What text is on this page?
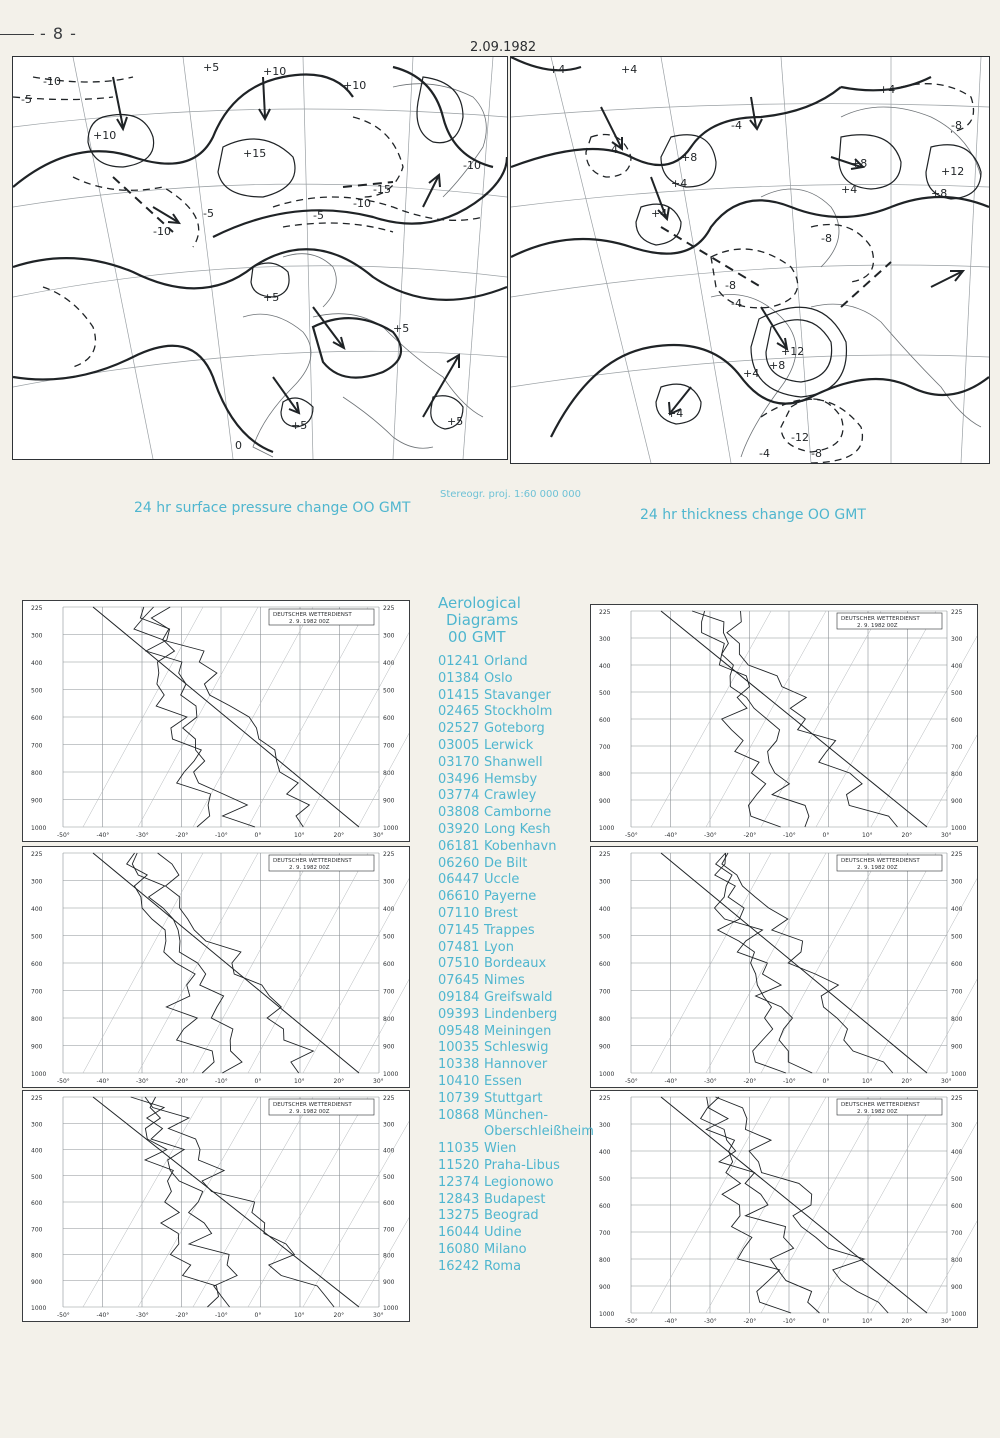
- 8 -
2.09.1982
-10
-5
+10
+5
+15
-5
+10
+10
-15
-10
-5
-10
+5
+5
+5
-10
0
+5
+4	+4
-4
+8
+4
-4
+4
+8
+4
+4
-8
-4
-8
+12
+8
+4
+4
-12
-8
-4
-8
+12
+8
24 hr surface pressure change OO GMT
Stereogr. proj. 1:60 000 000
24 hr thickness change OO GMT
225	225
300	300
400	400
500	500
600	600
700	700
800	800
900	900
1000	1000
-50°	-40°	-30°	-20°	-10°	0°	10°	20°	30°
DEUTSCHER WETTERDIENST
2. 9. 1982 00Z
225	225
300	300
400	400
500	500
600	600
700	700
800	800
900	900
1000	1000
-50°	-40°	-30°	-20°	-10°	0°	10°	20°	30°
DEUTSCHER WETTERDIENST
2. 9. 1982 00Z
225	225
300	300
400	400
500	500
600	600
700	700
800	800
900	900
1000	1000
-50°	-40°	-30°	-20°	-10°	0°	10°	20°	30°
DEUTSCHER WETTERDIENST
2. 9. 1982 00Z
225	225
300	300
400	400
500	500
600	600
700	700
800	800
900	900
1000	1000
-50°	-40°	-30°	-20°	-10°	0°	10°	20°	30°
DEUTSCHER WETTERDIENST
2. 9. 1982 00Z
225	225
300	300
400	400
500	500
600	600
700	700
800	800
900	900
1000	1000
-50°	-40°	-30°	-20°	-10°	0°	10°	20°	30°
DEUTSCHER WETTERDIENST
2. 9. 1982 00Z
225	225
300	300
400	400
500	500
600	600
700	700
800	800
900	900
1000	1000
-50°	-40°	-30°	-20°	-10°	0°	10°	20°	30°
DEUTSCHER WETTERDIENST
2. 9. 1982 00Z
Aerological
Diagrams
00 GMT
01241 Orland
01384 Oslo
01415 Stavanger
02465 Stockholm
02527 Goteborg
03005 Lerwick
03170 Shanwell
03496 Hemsby
03774 Crawley
03808 Camborne
03920 Long Kesh
06181 Kobenhavn
06260 De Bilt
06447 Uccle
06610 Payerne
07110 Brest
07145 Trappes
07481 Lyon
07510 Bordeaux
07645 Nimes
09184 Greifswald
09393 Lindenberg
09548 Meiningen
10035 Schleswig
10338 Hannover
10410 Essen
10739 Stuttgart
10868 München-
Oberschleißheim
11035 Wien
11520 Praha-Libus
12374 Legionowo
12843 Budapest
13275 Beograd
16044 Udine
16080 Milano
16242 Roma
